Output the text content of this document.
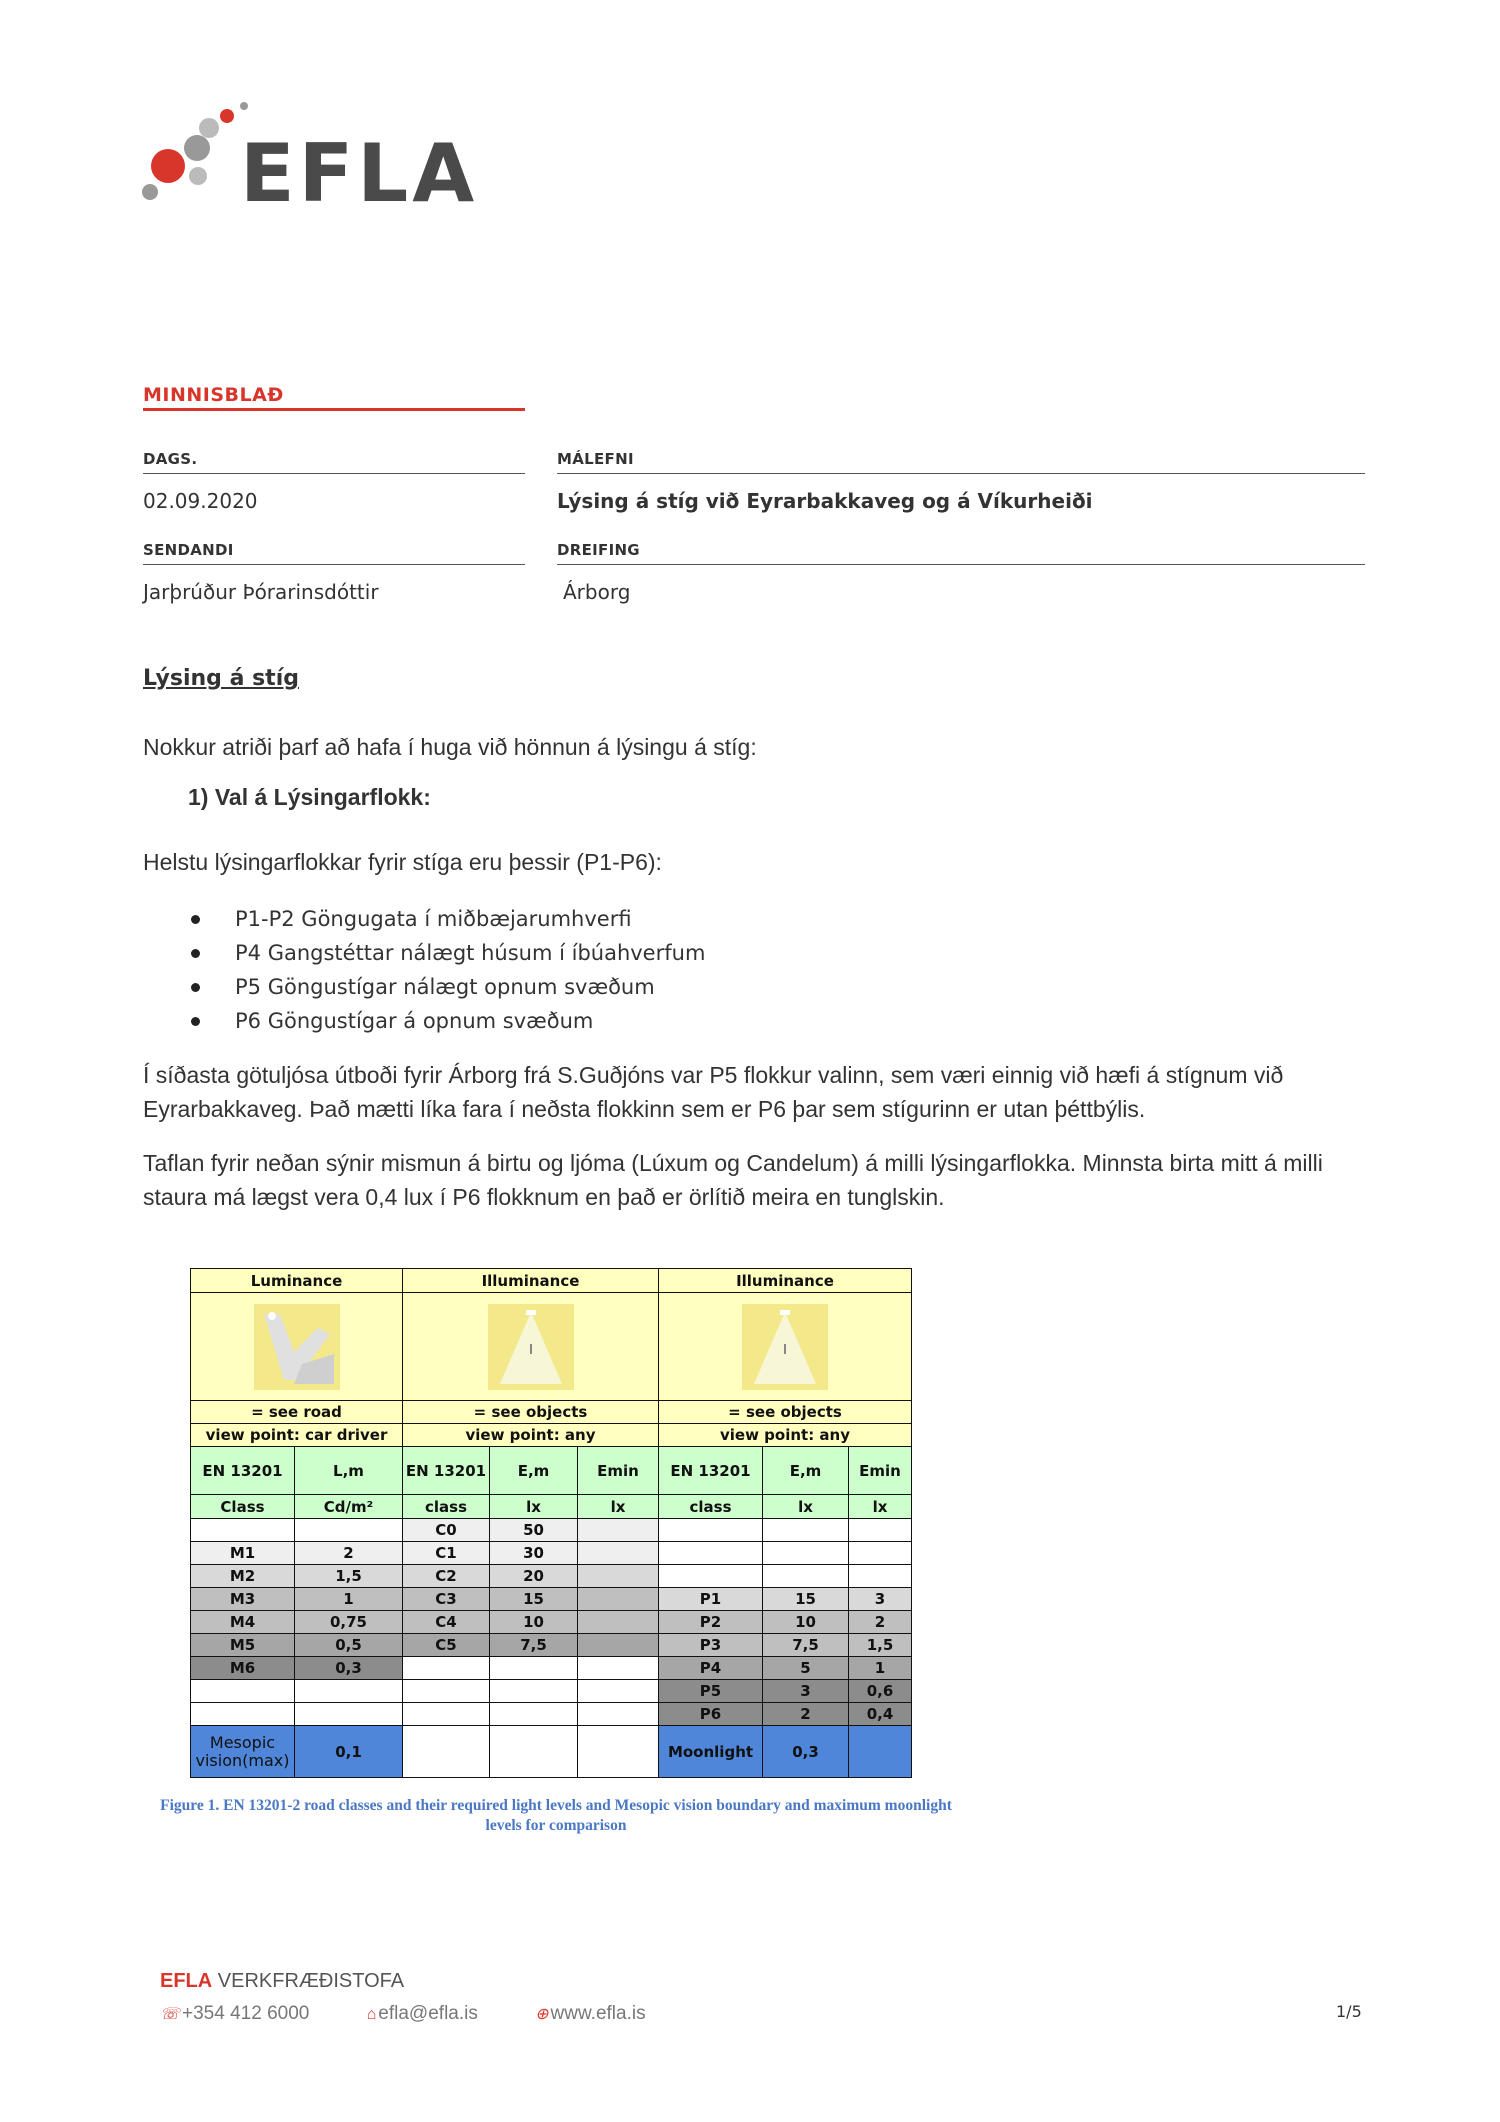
EFLA
MINNISBLAÐ
DAGS.
02.09.2020
MÁLEFNI
Lýsing á stíg við Eyrarbakkaveg og á Víkurheiði
SENDANDI
Jarþrúður Þórarinsdóttir
DREIFING
Árborg
Lýsing á stíg
Nokkur atriði þarf að hafa í huga við hönnun á lýsingu á stíg:
1) Val á Lýsingarflokk:
Helstu lýsingarflokkar fyrir stíga eru þessir (P1-P6):
P1-P2 Göngugata í miðbæjarumhverfi
P4 Gangstéttar nálægt húsum í íbúahverfum
P5 Göngustígar nálægt opnum svæðum
P6 Göngustígar á opnum svæðum
Í síðasta götuljósa útboði fyrir Árborg frá S.Guðjóns var P5 flokkur valinn, sem væri einnig við hæfi á stígnum við Eyrarbakkaveg. Það mætti líka fara í neðsta flokkinn sem er P6 þar sem stígurinn er utan þéttbýlis.
Taflan fyrir neðan sýnir mismun á birtu og ljóma (Lúxum og Candelum) á milli lýsingarflokka. Minnsta birta mitt á milli staura má lægst vera 0,4 lux í P6 flokknum en það er örlítið meira en tunglskin.
Luminance		Illuminance			Illuminance		

= see road		= see objects			= see objects		
view point: car driver		view point: any			view point: any		
EN 13201	L,m	EN 13201	E,m	Emin	EN 13201	E,m	Emin
Class	Cd/m²	class	lx	lx	class	lx	lx
		C0	50				
M1	2	C1	30				
M2	1,5	C2	20				
M3	1	C3	15		P1	15	3
M4	0,75	C4	10		P2	10	2
M5	0,5	C5	7,5		P3	7,5	1,5
M6	0,3				P4	5	1
					P5	3	0,6
					P6	2	0,4
Mesopic vision(max)	0,1				Moonlight	0,3	
Figure 1. EN 13201-2 road classes and their required light levels and Mesopic vision boundary and maximum moonlight levels for comparison
EFLA VERKFRÆÐISTOFA
☏ +354 412 6000	⌂ efla@efla.is	⊕ www.efla.is	1/5
